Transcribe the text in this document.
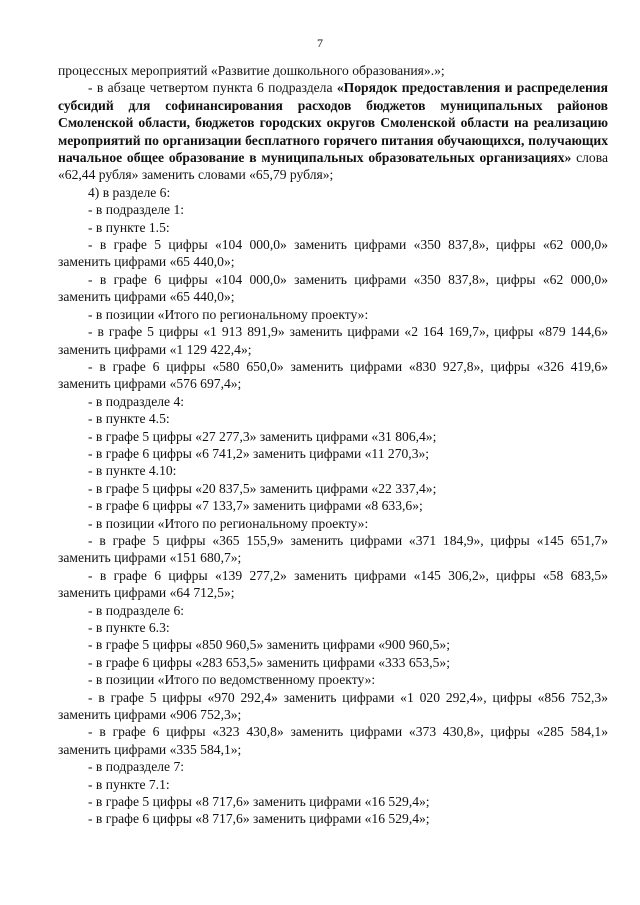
7

процессных мероприятий «Развитие дошкольного образования».»;

- в абзаце четвертом пункта 6 подраздела «Порядок предоставления и распределения субсидий для софинансирования расходов бюджетов муниципальных районов Смоленской области, бюджетов городских округов Смоленской области на реализацию мероприятий по организации бесплатного горячего питания обучающихся, получающих начальное общее образование в муниципальных образовательных организациях» слова «62,44 рубля» заменить словами «65,79 рубля»;

4) в разделе 6:

- в подразделе 1:

- в пункте 1.5:

- в графе 5 цифры «104 000,0» заменить цифрами «350 837,8», цифры «62 000,0» заменить цифрами «65 440,0»;

- в графе 6 цифры «104 000,0» заменить цифрами «350 837,8», цифры «62 000,0» заменить цифрами «65 440,0»;

- в позиции «Итого по региональному проекту»:

- в графе 5 цифры «1 913 891,9» заменить цифрами «2 164 169,7», цифры «879 144,6» заменить цифрами «1 129 422,4»;

- в графе 6 цифры «580 650,0» заменить цифрами «830 927,8», цифры «326 419,6» заменить цифрами «576 697,4»;

- в подразделе 4:

- в пункте 4.5:

- в графе 5 цифры «27 277,3» заменить цифрами «31 806,4»;

- в графе 6 цифры «6 741,2» заменить цифрами «11 270,3»;

- в пункте 4.10:

- в графе 5 цифры «20 837,5» заменить цифрами «22 337,4»;

- в графе 6 цифры «7 133,7» заменить цифрами «8 633,6»;

- в позиции «Итого по региональному проекту»:

- в графе 5 цифры «365 155,9» заменить цифрами «371 184,9», цифры «145 651,7» заменить цифрами «151 680,7»;

- в графе 6 цифры «139 277,2» заменить цифрами «145 306,2», цифры «58 683,5» заменить цифрами «64 712,5»;

- в подразделе 6:

- в пункте 6.3:

- в графе 5 цифры «850 960,5» заменить цифрами «900 960,5»;

- в графе 6 цифры «283 653,5» заменить цифрами «333 653,5»;

- в позиции «Итого по ведомственному проекту»:

- в графе 5 цифры «970 292,4» заменить цифрами «1 020 292,4», цифры «856 752,3» заменить цифрами «906 752,3»;

- в графе 6 цифры «323 430,8» заменить цифрами «373 430,8», цифры «285 584,1» заменить цифрами «335 584,1»;

- в подразделе 7:

- в пункте 7.1:

- в графе 5 цифры «8 717,6» заменить цифрами «16 529,4»;

- в графе 6 цифры «8 717,6» заменить цифрами «16 529,4»;
